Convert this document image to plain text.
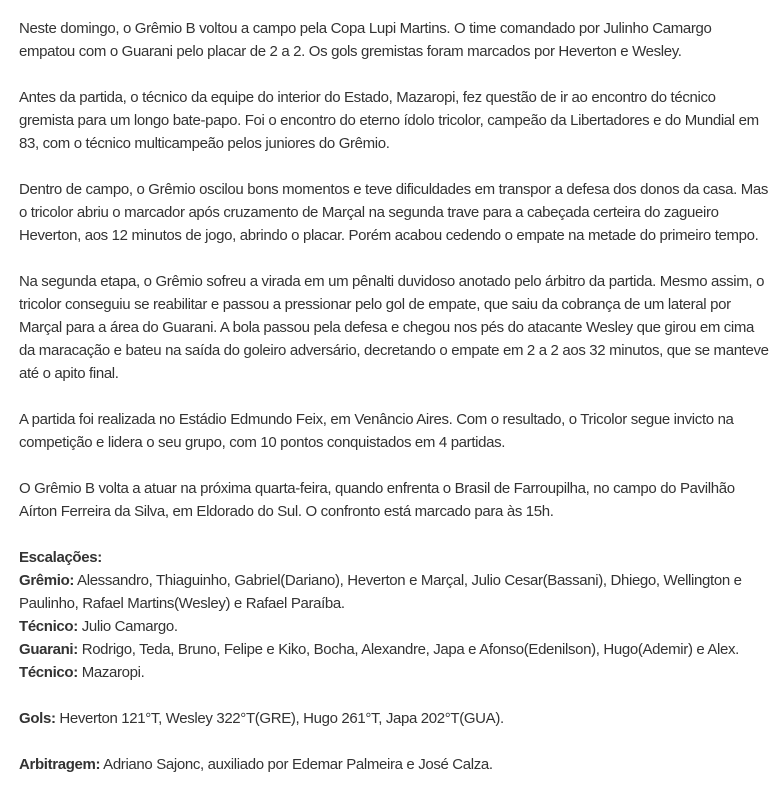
Neste domingo, o Grêmio B voltou a campo pela Copa Lupi Martins. O time comandado por Julinho Camargo empatou com o Guarani pelo placar de 2 a 2. Os gols gremistas foram marcados por Heverton e Wesley.

Antes da partida, o técnico da equipe do interior do Estado, Mazaropi, fez questão de ir ao encontro do técnico gremista para um longo bate-papo. Foi o encontro do eterno ídolo tricolor, campeão da Libertadores e do Mundial em 83, com o técnico multicampeão pelos juniores do Grêmio.

Dentro de campo, o Grêmio oscilou bons momentos e teve dificuldades em transpor a defesa dos donos da casa. Mas o tricolor abriu o marcador após cruzamento de Marçal na segunda trave para a cabeçada certeira do zagueiro Heverton, aos 12 minutos de jogo, abrindo o placar. Porém acabou cedendo o empate na metade do primeiro tempo.

Na segunda etapa, o Grêmio sofreu a virada em um pênalti duvidoso anotado pelo árbitro da partida. Mesmo assim, o tricolor conseguiu se reabilitar e passou a pressionar pelo gol de empate, que saiu da cobrança de um lateral por Marçal para a área do Guarani. A bola passou pela defesa e chegou nos pés do atacante Wesley que girou em cima da maracação e bateu na saída do goleiro adversário, decretando o empate em 2 a 2 aos 32 minutos, que se manteve até o apito final.

A partida foi realizada no Estádio Edmundo Feix, em Venâncio Aires. Com o resultado, o Tricolor segue invicto na competição e lidera o seu grupo, com 10 pontos conquistados em 4 partidas.

O Grêmio B volta a atuar na próxima quarta-feira, quando enfrenta o Brasil de Farroupilha, no campo do Pavilhão Aírton Ferreira da Silva, em Eldorado do Sul. O confronto está marcado para às 15h.

Escalações:
Grêmio: Alessandro, Thiaguinho, Gabriel(Dariano), Heverton e Marçal, Julio Cesar(Bassani), Dhiego, Wellington e Paulinho, Rafael Martins(Wesley) e Rafael Paraíba.
Técnico: Julio Camargo.
Guarani: Rodrigo, Teda, Bruno, Felipe e Kiko, Bocha, Alexandre, Japa e Afonso(Edenilson), Hugo(Ademir) e Alex.
Técnico: Mazaropi.

Gols: Heverton 121°T, Wesley 322°T(GRE), Hugo 261°T, Japa 202°T(GUA).

Arbitragem: Adriano Sajonc, auxiliado por Edemar Palmeira e José Calza.
